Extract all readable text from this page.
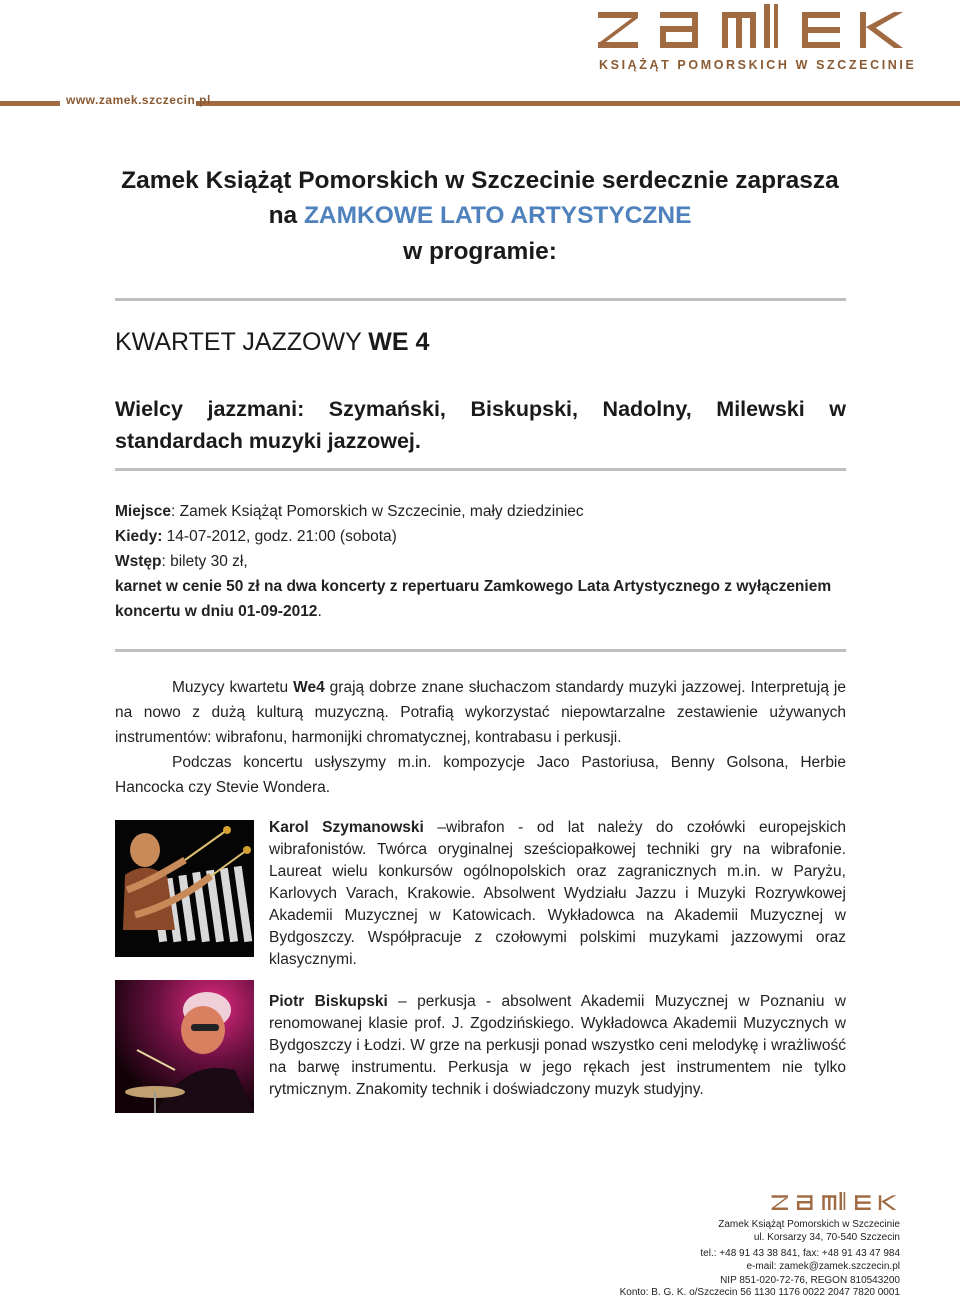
KSIĄŻĄT POMORSKICH W SZCZECINIE
www.zamek.szczecin.pl
Zamek Książąt Pomorskich w Szczecinie serdecznie zaprasza
na ZAMKOWE LATO ARTYSTYCZNE
w programie:
KWARTET JAZZOWY WE 4
Wielcy jazzmani: Szymański, Biskupski, Nadolny, Milewski w
standardach muzyki jazzowej.
Miejsce: Zamek Książąt Pomorskich w Szczecinie, mały dziedziniec
Kiedy: 14-07-2012, godz. 21:00 (sobota)
Wstęp: bilety 30 zł,
karnet w cenie 50 zł na dwa koncerty z repertuaru Zamkowego Lata Artystycznego z wyłączeniem koncertu w dniu 01-09-2012.

Muzycy kwartetu We4 grają dobrze znane słuchaczom standardy muzyki jazzowej. Interpretują je na nowo z dużą kulturą muzyczną. Potrafią wykorzystać niepowtarzalne zestawienie używanych instrumentów: wibrafonu, harmonijki chromatycznej, kontrabasu i perkusji.

Podczas koncertu usłyszymy m.in. kompozycje Jaco Pastoriusa, Benny Golsona, Herbie Hancocka czy Stevie Wondera.

Karol Szymanowski –wibrafon - od lat należy do czołówki europejskich wibrafonistów. Twórca oryginalnej sześciopałkowej techniki gry na wibrafonie. Laureat wielu konkursów ogólnopolskich oraz zagranicznych m.in. w Paryżu, Karlovych Varach, Krakowie. Absolwent Wydziału Jazzu i Muzyki Rozrywkowej Akademii Muzycznej w Katowicach. Wykładowca na Akademii Muzycznej w Bydgoszczy. Współpracuje z czołowymi polskimi muzykami jazzowymi oraz klasycznymi.
Piotr Biskupski – perkusja - absolwent Akademii Muzycznej w Poznaniu w renomowanej klasie prof. J. Zgodzińskiego. Wykładowca Akademii Muzycznych w Bydgoszczy i Łodzi. W grze na perkusji ponad wszystko ceni melodykę i wrażliwość na barwę instrumentu. Perkusja w jego rękach jest instrumentem nie tylko rytmicznym. Znakomity technik i doświadczony muzyk studyjny.
Zamek Książąt Pomorskich w Szczecinie
ul. Korsarzy 34, 70-540 Szczecin
tel.: +48 91 43 38 841, fax: +48 91 43 47 984
e-mail: zamek@zamek.szczecin.pl
NIP 851-020-72-76, REGON 810543200
Konto: B. G. K. o/Szczecin 56 1130 1176 0022 2047 7820 0001
